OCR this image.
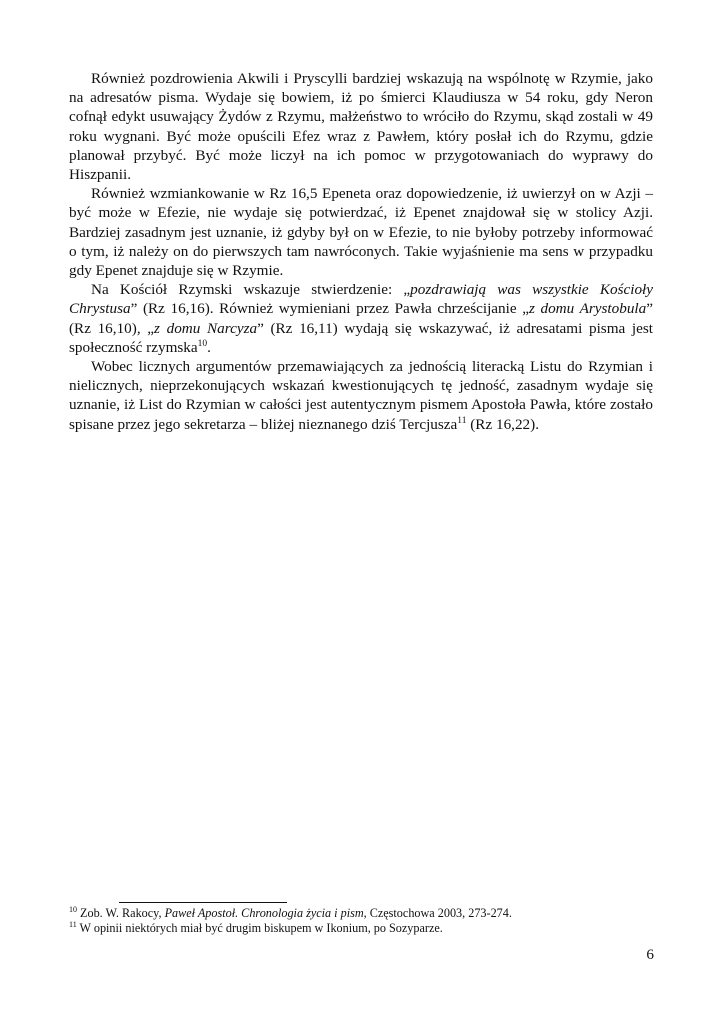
Również pozdrowienia Akwili i Pryscylli bardziej wskazują na wspólnotę w Rzymie, jako na adresatów pisma. Wydaje się bowiem, iż po śmierci Klaudiusza w 54 roku, gdy Neron cofnął edykt usuwający Żydów z Rzymu, małżeństwo to wróciło do Rzymu, skąd zostali w 49 roku wygnani. Być może opuścili Efez wraz z Pawłem, który posłał ich do Rzymu, gdzie planował przybyć. Być może liczył na ich pomoc w przygotowaniach do wyprawy do Hiszpanii.

Również wzmiankowanie w Rz 16,5 Epeneta oraz dopowiedzenie, iż uwierzył on w Azji – być może w Efezie, nie wydaje się potwierdzać, iż Epenet znajdował się w stolicy Azji. Bardziej zasadnym jest uznanie, iż gdyby był on w Efezie, to nie byłoby potrzeby informować o tym, iż należy on do pierwszych tam nawróconych. Takie wyjaśnienie ma sens w przypadku gdy Epenet znajduje się w Rzymie.

Na Kościół Rzymski wskazuje stwierdzenie: „pozdrawiają was wszystkie Kościoły Chrystusa” (Rz 16,16). Również wymieniani przez Pawła chrześcijanie „z domu Arystobula” (Rz 16,10), „z domu Narcyza” (Rz 16,11) wydają się wskazywać, iż adresatami pisma jest społeczność rzymska$^{10}$.

Wobec licznych argumentów przemawiających za jednością literacką Listu do Rzymian i nielicznych, nieprzekonujących wskazań kwestionujących tę jedność, zasadnym wydaje się uznanie, iż List do Rzymian w całości jest autentycznym pismem Apostoła Pawła, które zostało spisane przez jego sekretarza – bliżej nieznanego dziś Tercjusza$^{11}$ (Rz 16,22).

$^{10}$ Zob. W. Rakocy, Paweł Apostoł. Chronologia życia i pism, Częstochowa 2003, 273-274.

$^{11}$ W opinii niektórych miał być drugim biskupem w Ikonium, po Sozyparze.

6
